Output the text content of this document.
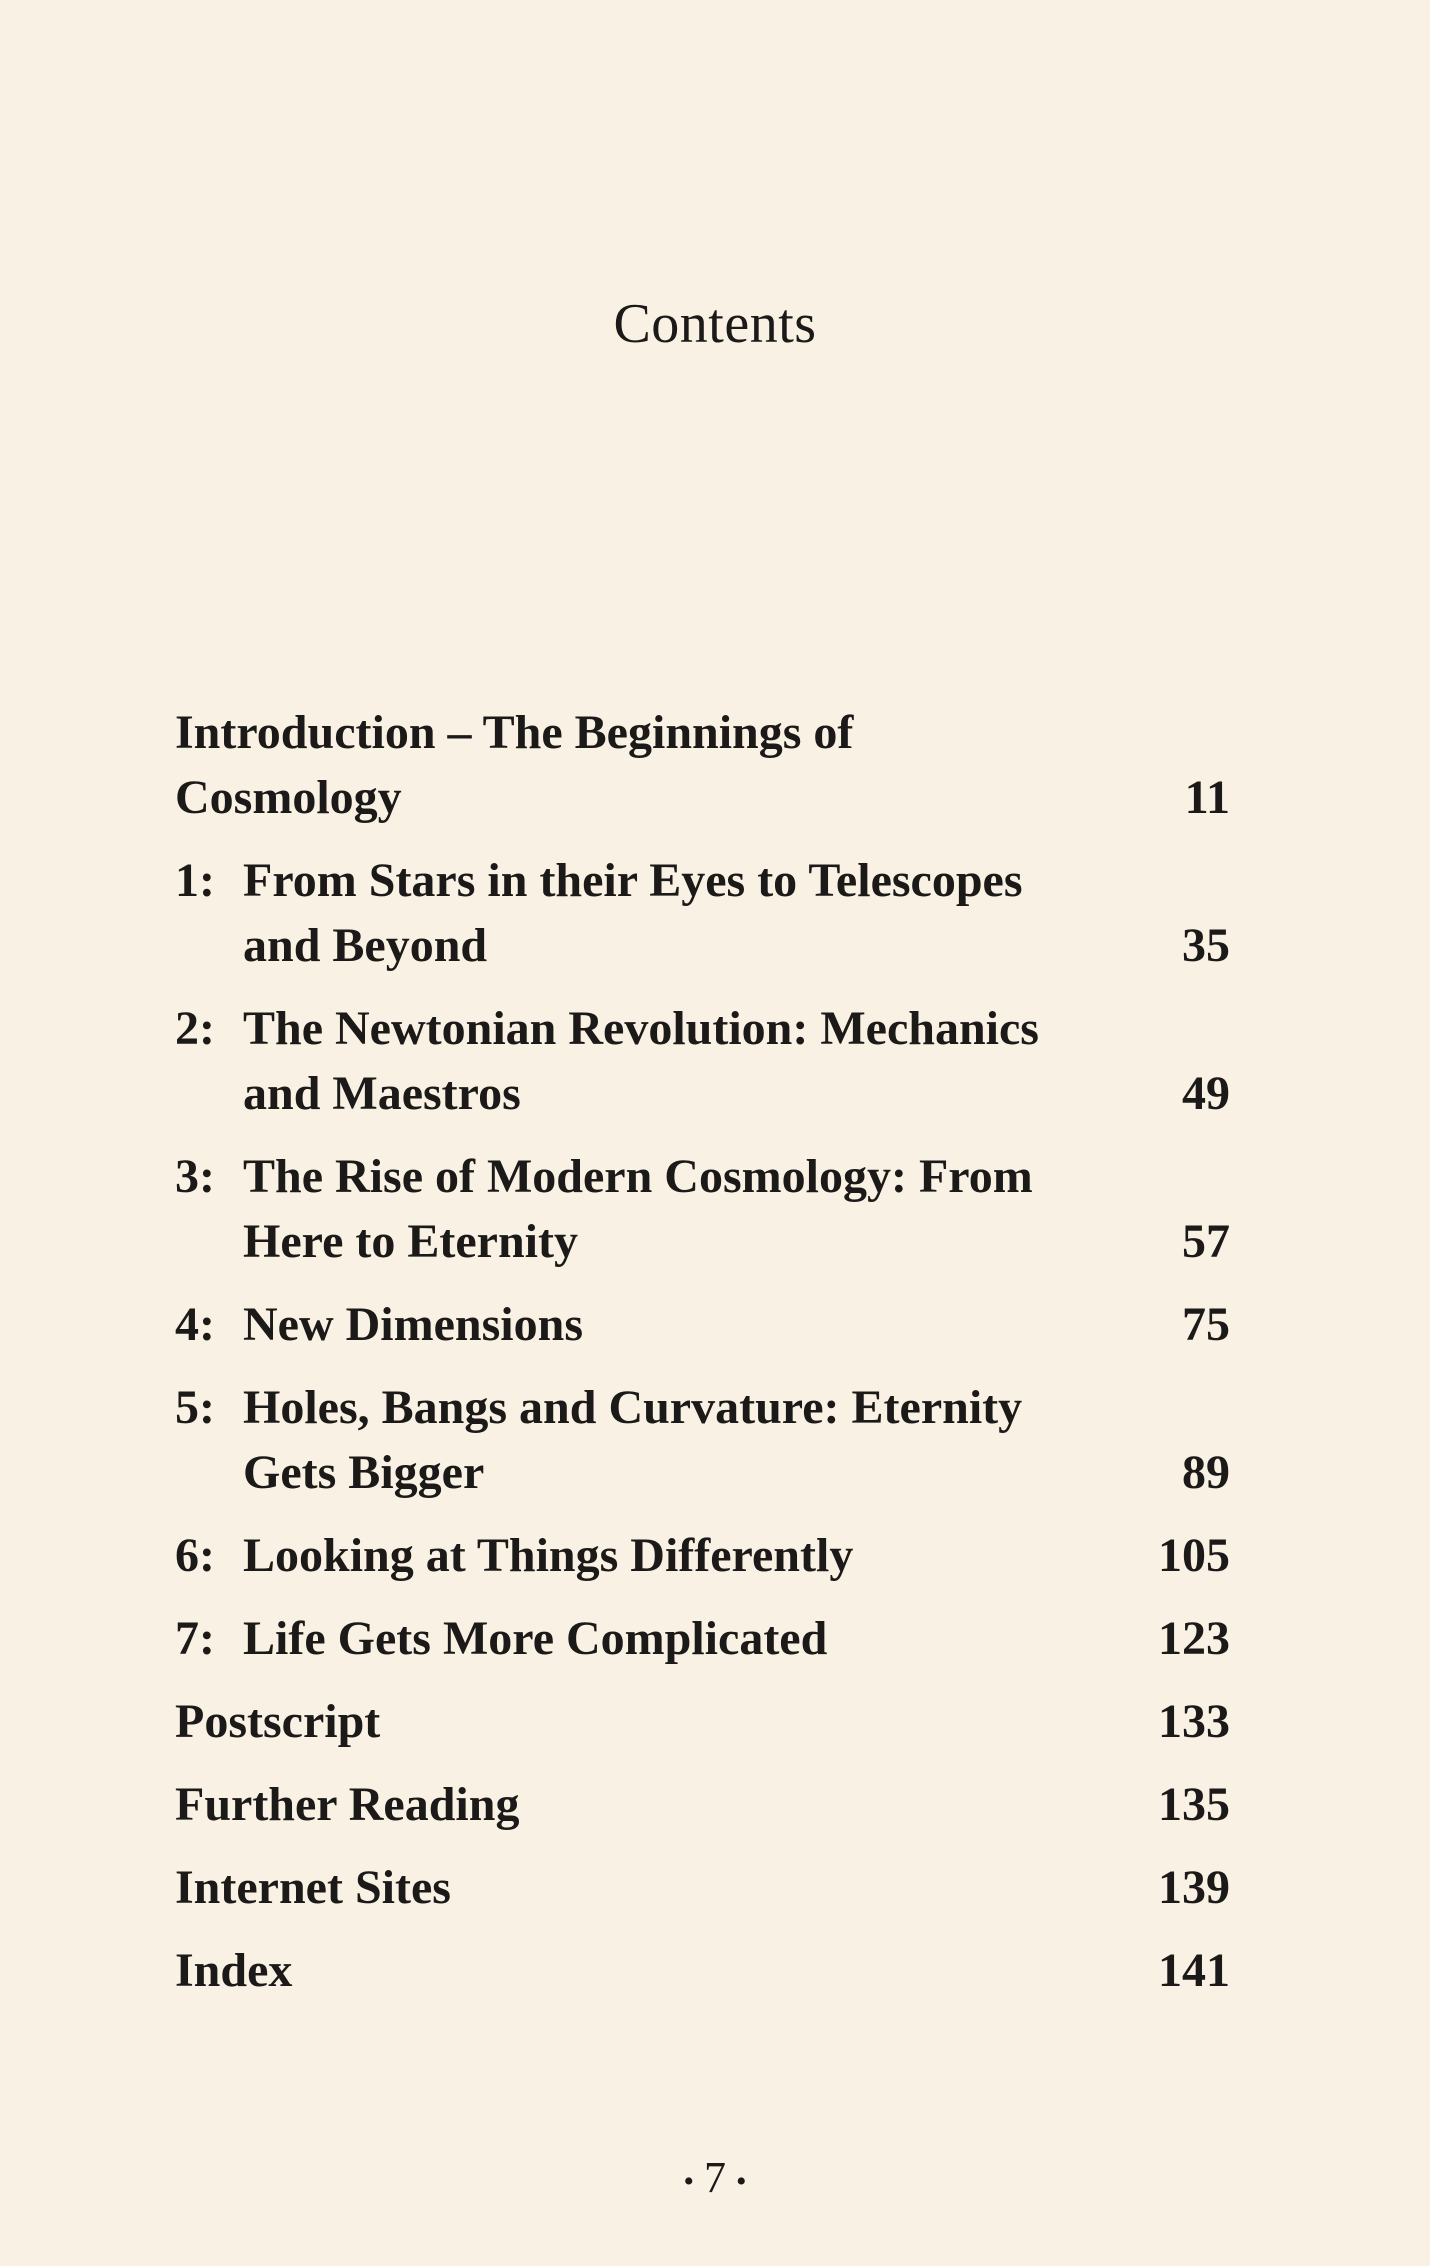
Contents
Introduction – The Beginnings of
Cosmology	11
1: From Stars in their Eyes to Telescopes
and Beyond	35
2: The Newtonian Revolution: Mechanics
and Maestros	49
3: The Rise of Modern Cosmology: From
Here to Eternity	57
4: New Dimensions	75
5: Holes, Bangs and Curvature: Eternity
Gets Bigger	89
6: Looking at Things Differently	105
7: Life Gets More Complicated	123
Postscript	133
Further Reading	135
Internet Sites	139
Index	141
• 7 •
